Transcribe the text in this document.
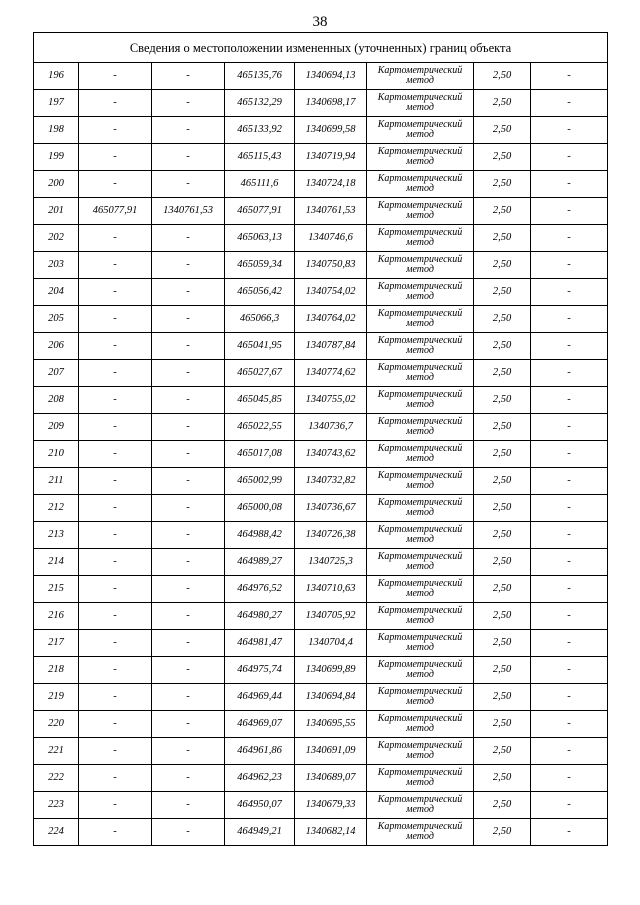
38
Сведения о местоположении измененных (уточненных) границ объекта							
196	-	-	465135,76	1340694,13	Картометрический метод	2,50	-
197	-	-	465132,29	1340698,17	Картометрический метод	2,50	-
198	-	-	465133,92	1340699,58	Картометрический метод	2,50	-
199	-	-	465115,43	1340719,94	Картометрический метод	2,50	-
200	-	-	465111,6	1340724,18	Картометрический метод	2,50	-
201	465077,91	1340761,53	465077,91	1340761,53	Картометрический метод	2,50	-
202	-	-	465063,13	1340746,6	Картометрический метод	2,50	-
203	-	-	465059,34	1340750,83	Картометрический метод	2,50	-
204	-	-	465056,42	1340754,02	Картометрический метод	2,50	-
205	-	-	465066,3	1340764,02	Картометрический метод	2,50	-
206	-	-	465041,95	1340787,84	Картометрический метод	2,50	-
207	-	-	465027,67	1340774,62	Картометрический метод	2,50	-
208	-	-	465045,85	1340755,02	Картометрический метод	2,50	-
209	-	-	465022,55	1340736,7	Картометрический метод	2,50	-
210	-	-	465017,08	1340743,62	Картометрический метод	2,50	-
211	-	-	465002,99	1340732,82	Картометрический метод	2,50	-
212	-	-	465000,08	1340736,67	Картометрический метод	2,50	-
213	-	-	464988,42	1340726,38	Картометрический метод	2,50	-
214	-	-	464989,27	1340725,3	Картометрический метод	2,50	-
215	-	-	464976,52	1340710,63	Картометрический метод	2,50	-
216	-	-	464980,27	1340705,92	Картометрический метод	2,50	-
217	-	-	464981,47	1340704,4	Картометрический метод	2,50	-
218	-	-	464975,74	1340699,89	Картометрический метод	2,50	-
219	-	-	464969,44	1340694,84	Картометрический метод	2,50	-
220	-	-	464969,07	1340695,55	Картометрический метод	2,50	-
221	-	-	464961,86	1340691,09	Картометрический метод	2,50	-
222	-	-	464962,23	1340689,07	Картометрический метод	2,50	-
223	-	-	464950,07	1340679,33	Картометрический метод	2,50	-
224	-	-	464949,21	1340682,14	Картометрический метод	2,50	-
